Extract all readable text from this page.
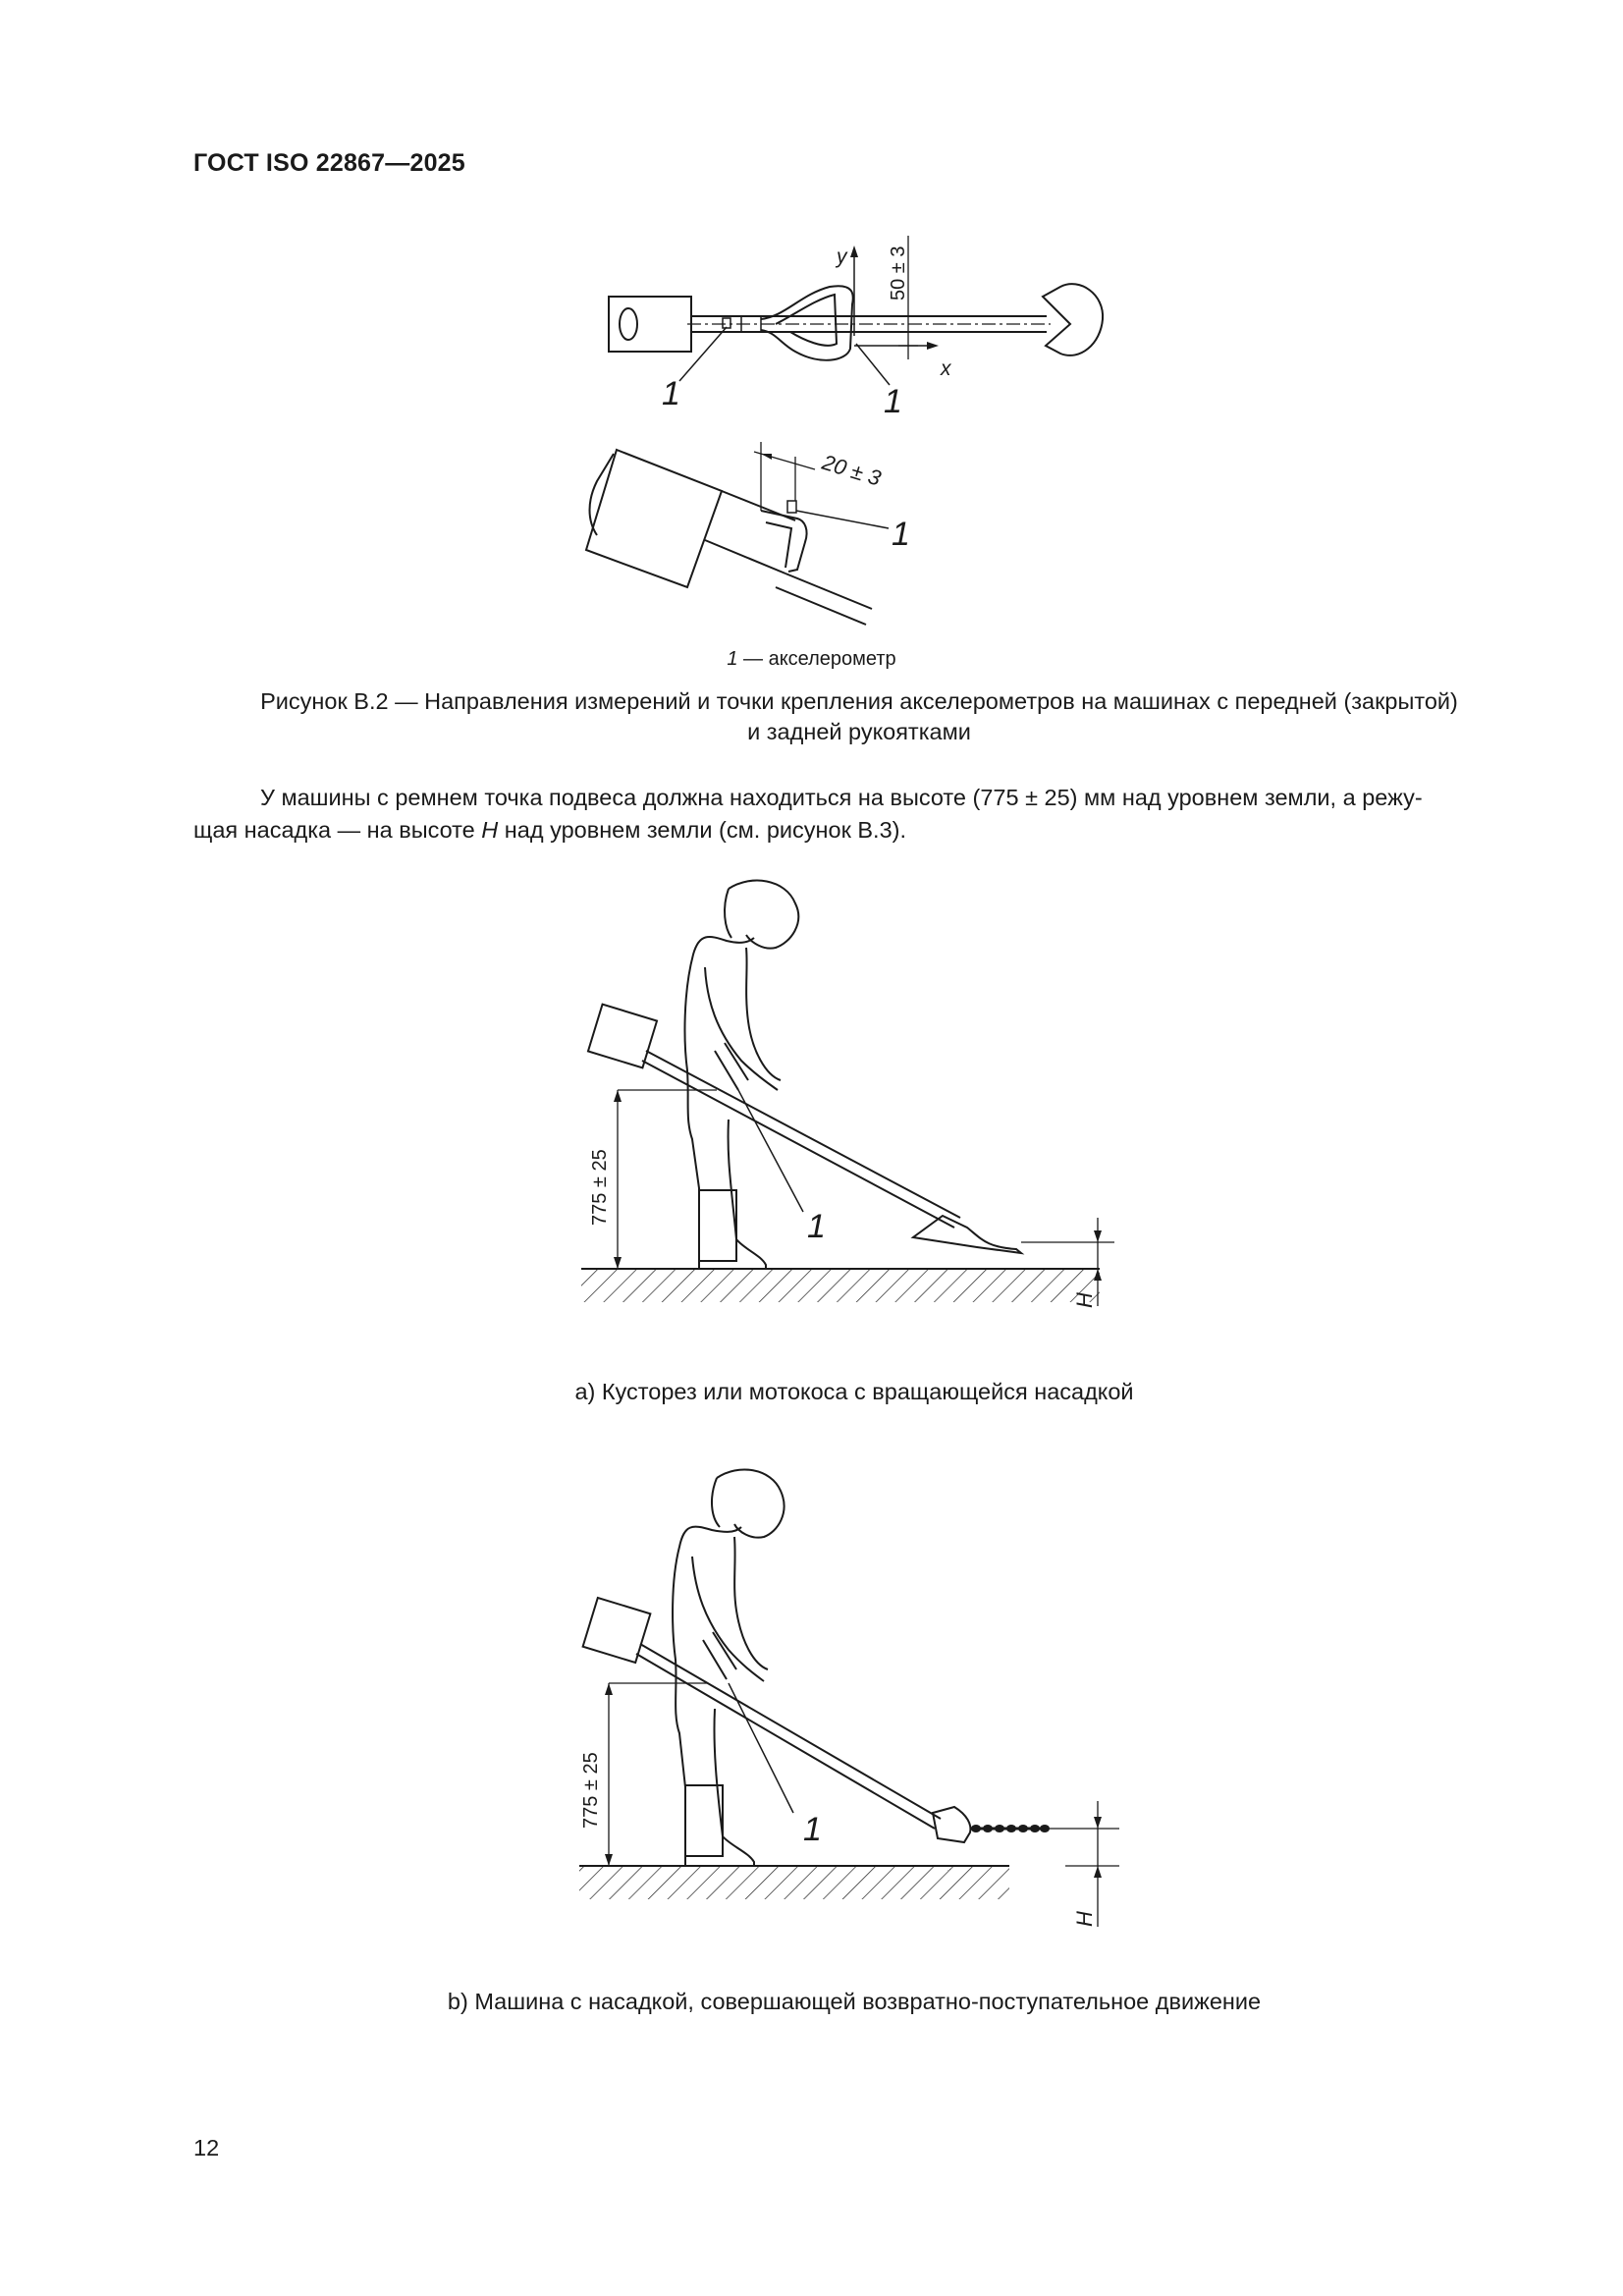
ГОСТ ISO 22867—2025
y
x
50 ± 3
1	1
20 ± 3
1
775 ± 25
1
H
775 ± 25
1
H
1 — акселерометр
Рисунок B.2 — Направления измерений и точки крепления акселерометров на машинах с передней (закрытой)
и задней рукоятками
У машины с ремнем точка подвеса должна находиться на высоте (775 ± 25) мм над уровнем земли, а режу-
щая насадка — на высоте H над уровнем земли (см. рисунок B.3).
a) Кусторез или мотокоса с вращающейся насадкой
b) Машина с насадкой, совершающей возвратно-поступательное движение
12
